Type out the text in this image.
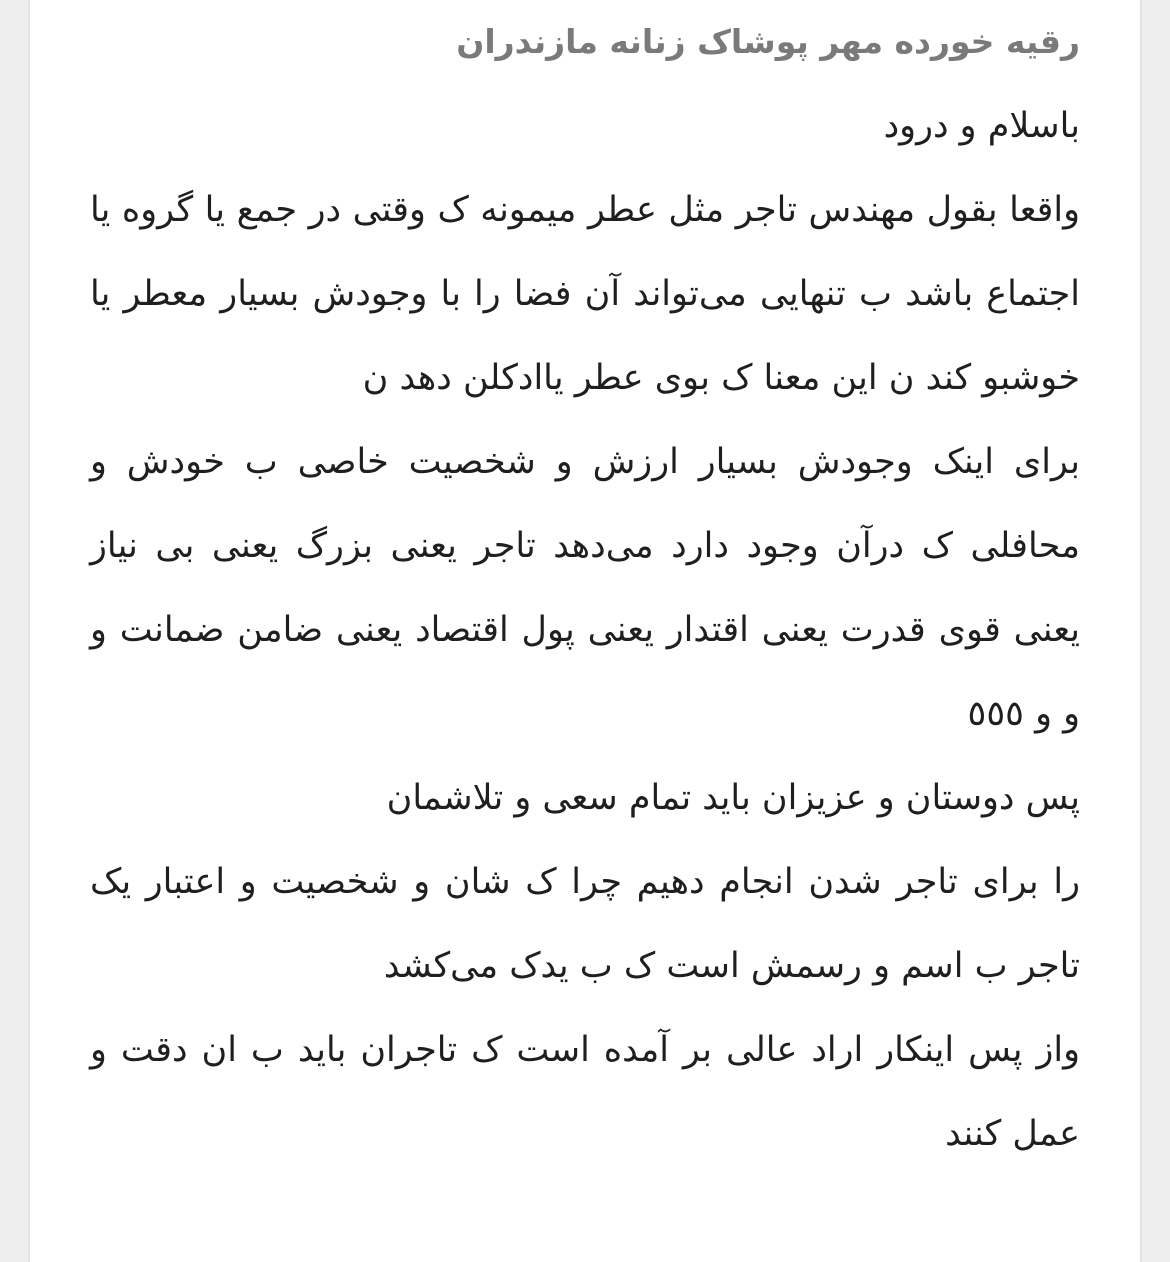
رقیه خورده مهر پوشاک زنانه مازندران

باسلام و درود

واقعا بقول مهندس تاجر مثل عطر میمونه ک وقتی در جمع یا گروه یا اجتماع باشد ب تنهایی می‌تواند آن فضا را با وجودش بسیار معطر یا خوشبو کند ن این معنا ک بوی عطر یاادکلن دهد ن

برای اینک وجودش بسیار ارزش و شخصیت خاصی ب خودش و محافلی ک درآن وجود دارد می‌دهد تاجر یعنی بزرگ یعنی بی نیاز یعنی قوی قدرت یعنی اقتدار یعنی پول اقتصاد یعنی ضامن ضمانت و و و ٥٥٥

پس دوستان و عزیزان باید تمام سعی و تلاشمان

را برای تاجر شدن انجام دهیم چرا ک شان و شخصیت و اعتبار یک تاجر ب اسم و رسمش است ک ب یدک می‌کشد

واز پس اینکار اراد عالی بر آمده است ک تاجران باید ب ان دقت و عمل کنند
